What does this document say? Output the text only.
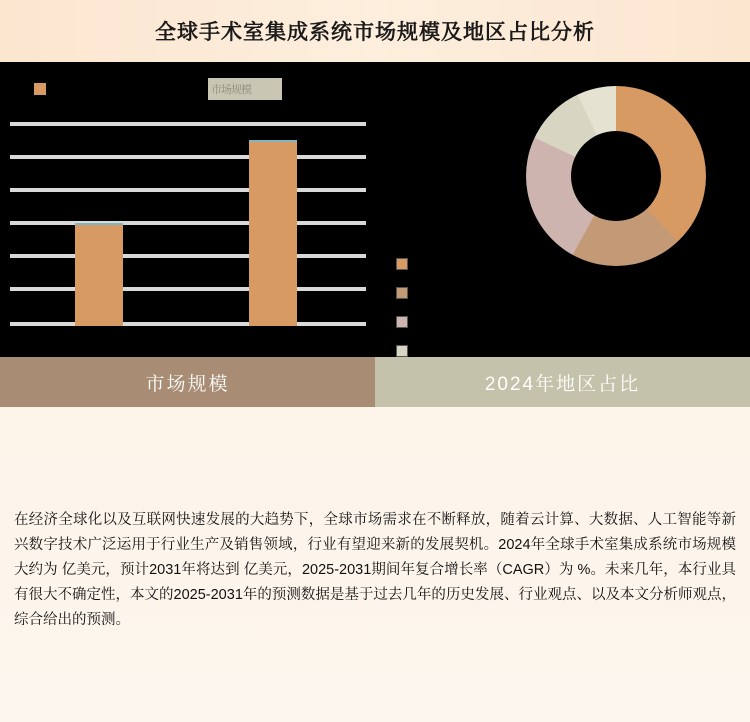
全球手术室集成系统市场规模及地区占比分析
市场规模
市场规模	2024年地区占比
在经济全球化以及互联网快速发展的大趋势下，全球市场需求在不断释放，随着云计算、大数据、人工智能等新兴数字技术广泛运用于行业生产及销售领域，行业有望迎来新的发展契机。2024年全球手术室集成系统市场规模大约为 亿美元，预计2031年将达到 亿美元，2025-2031期间年复合增长率（CAGR）为 %。未来几年，本行业具有很大不确定性，本文的2025-2031年的预测数据是基于过去几年的历史发展、行业观点、以及本文分析师观点，综合给出的预测。
